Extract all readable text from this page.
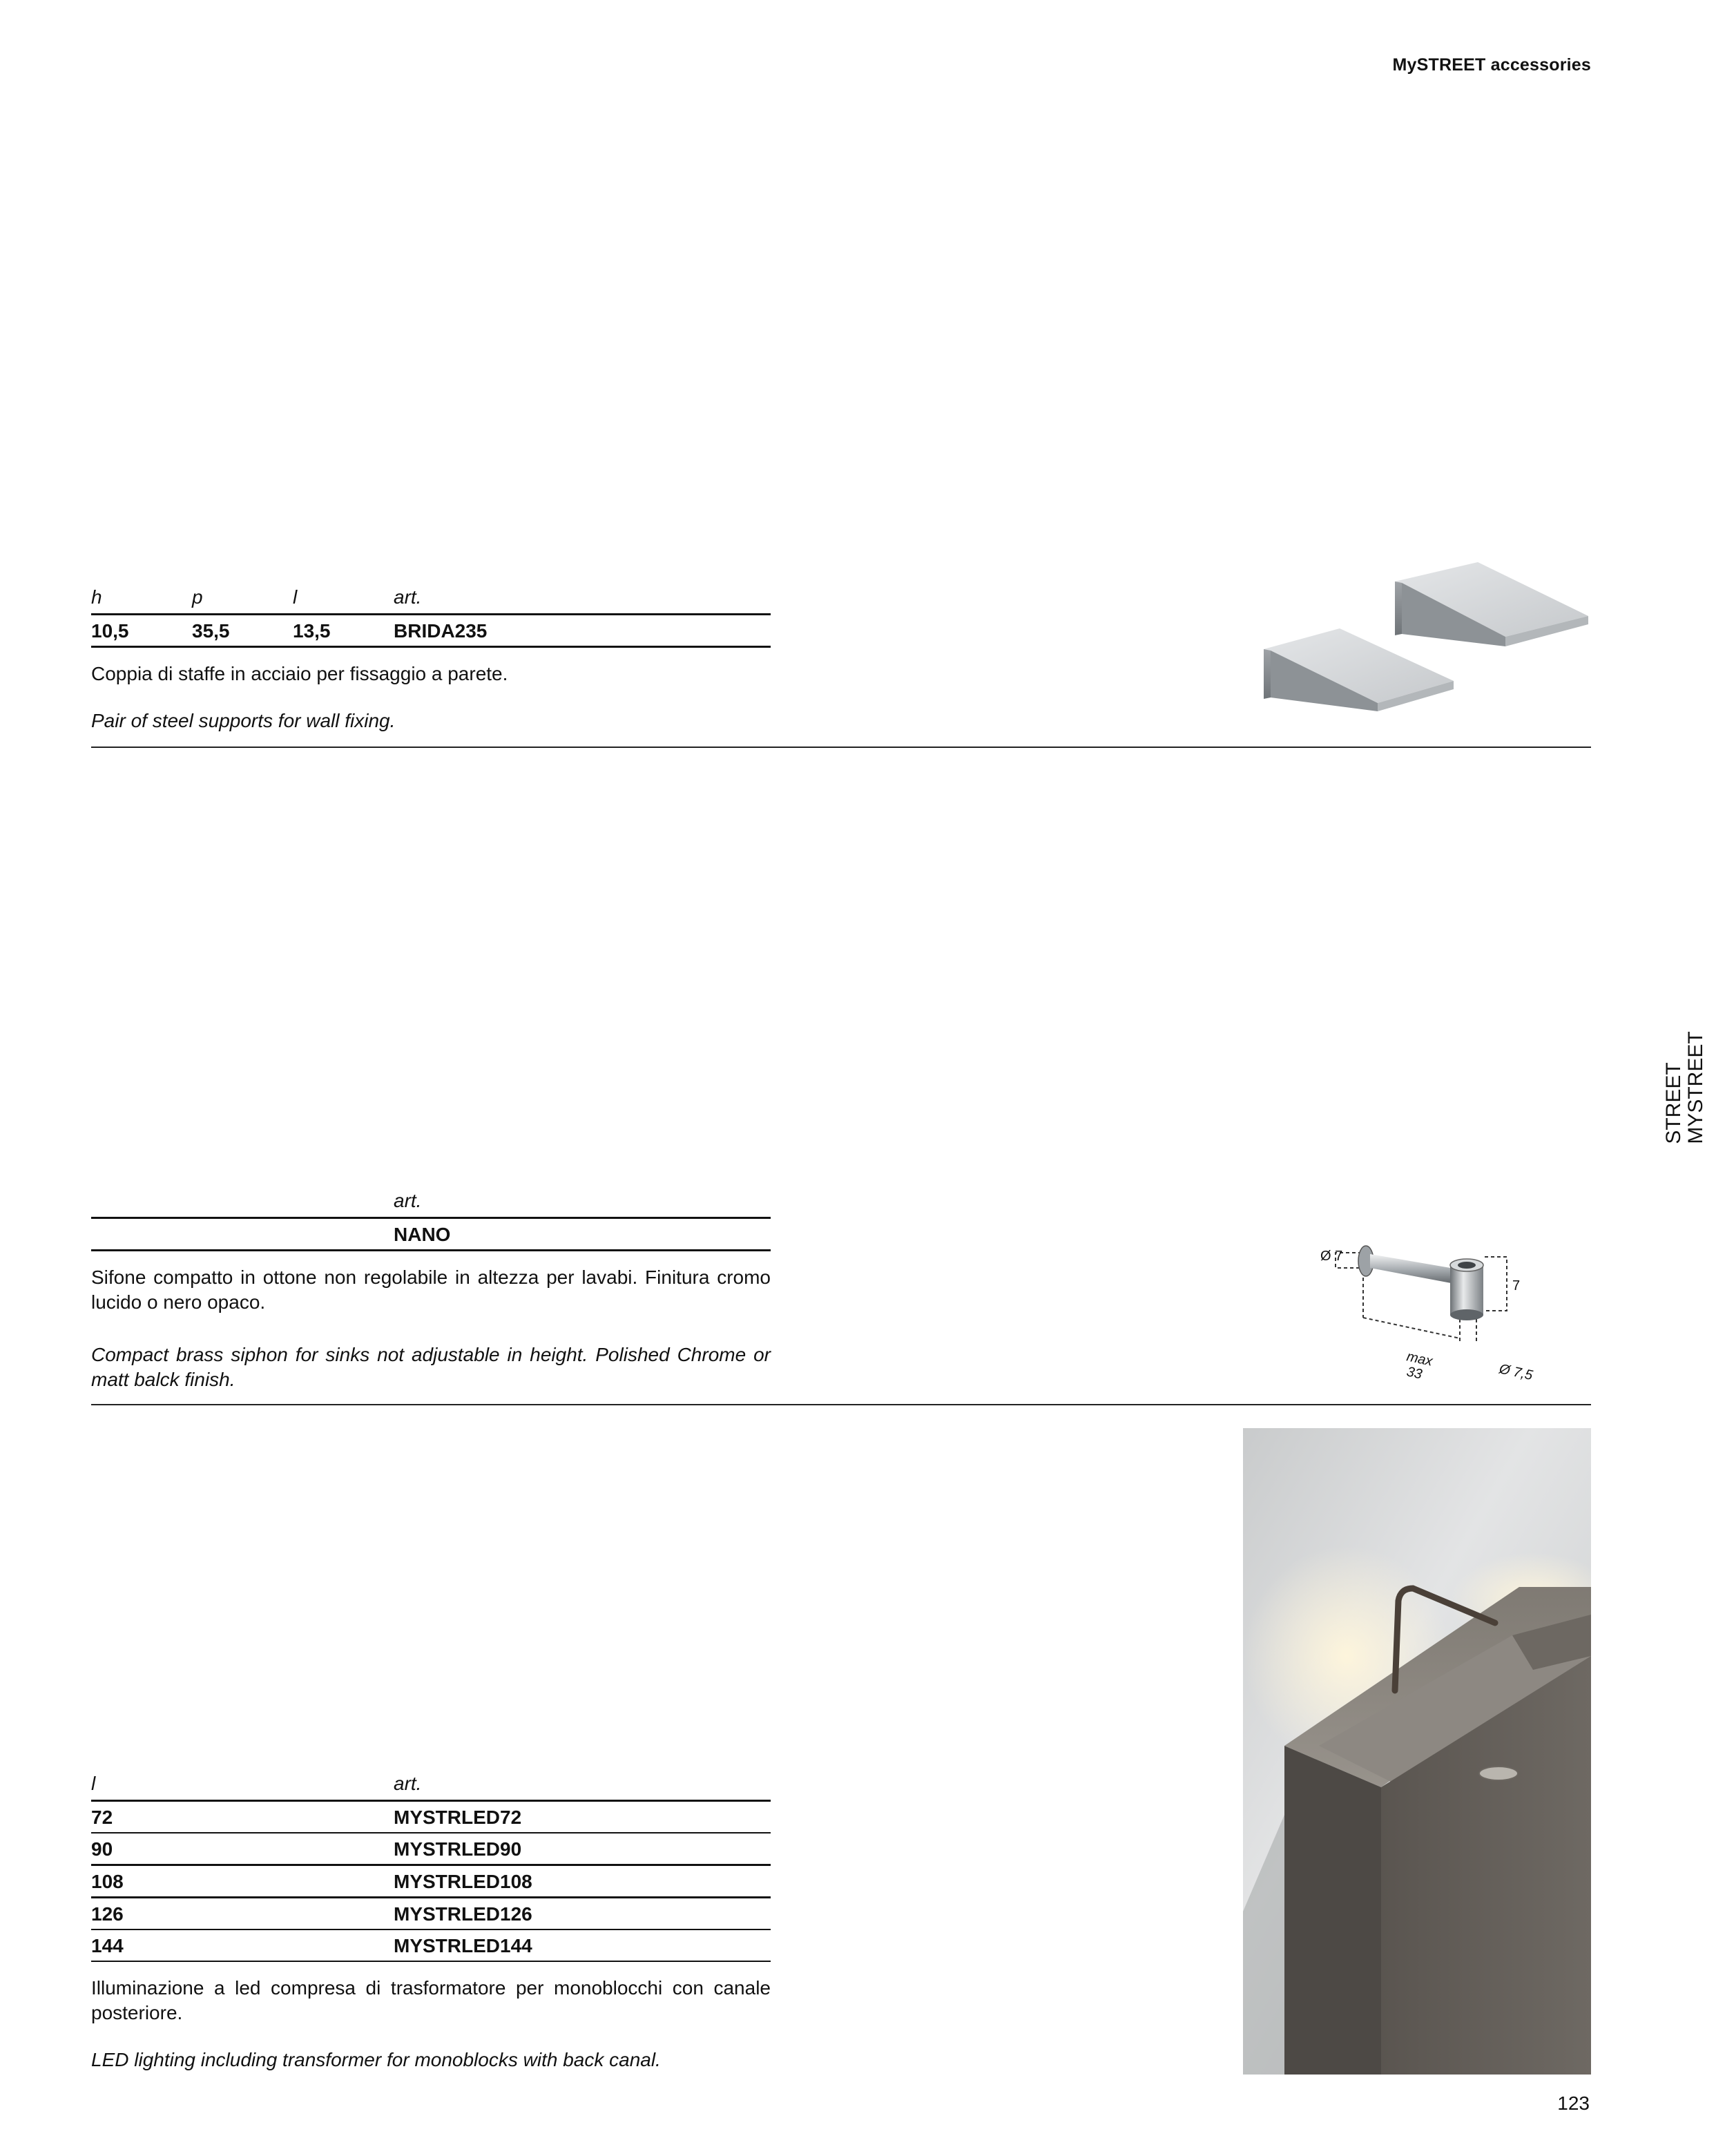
MySTREET accessories
STREET MYSTREET
h	p	l	art.
10,5	35,5	13,5	BRIDA235
Coppia di staffe in acciaio per fissaggio a parete.
Pair of steel supports for wall fixing.
	art.
	NANO
Sifone compatto in ottone non regolabile in altezza per lavabi. Finitura cromo lucido o nero opaco.
Compact brass siphon for sinks not adjustable in height. Polished Chrome or matt balck finish.
Ø 7
7
max
33	Ø 7,5
l	art.
72	MYSTRLED72
90	MYSTRLED90
108	MYSTRLED108
126	MYSTRLED126
144	MYSTRLED144
Illuminazione a led compresa di trasformatore per monoblocchi con canale posteriore.
LED lighting including transformer for monoblocks with back canal.
123
